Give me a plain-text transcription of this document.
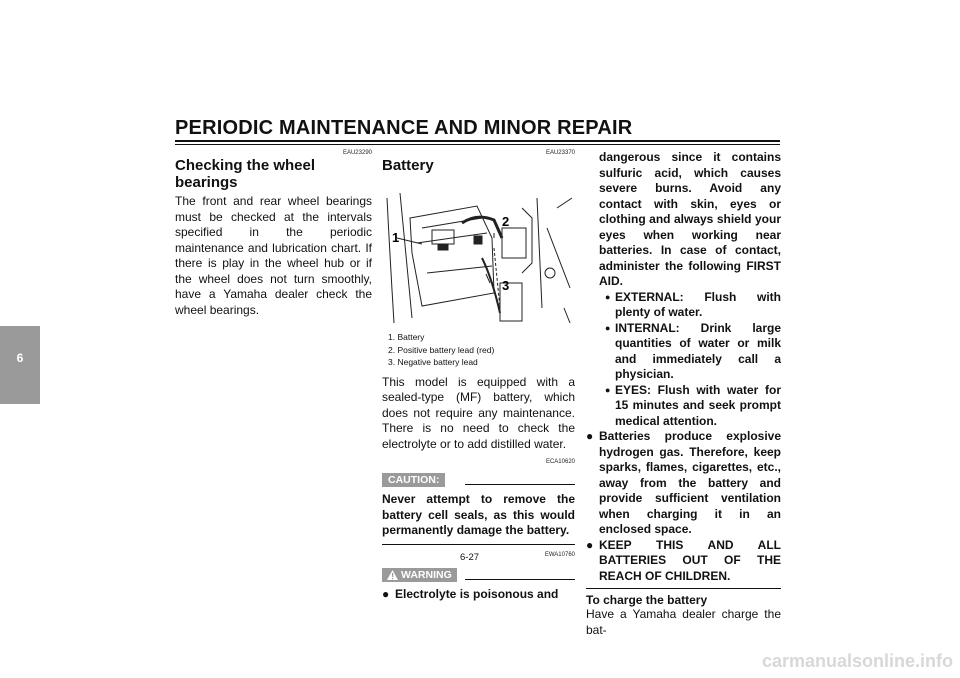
PERIODIC MAINTENANCE AND MINOR REPAIR
6
EAU23290
Checking the wheel bearings

The front and rear wheel bearings must be checked at the intervals specified in the periodic maintenance and lubrication chart. If there is play in the wheel hub or if the wheel does not turn smoothly, have a Yamaha dealer check the wheel bearings.

EAU23370
Battery
1
2
3
1. Battery
2. Positive battery lead (red)
3. Negative battery lead

This model is equipped with a sealed-type (MF) battery, which does not require any maintenance. There is no need to check the electrolyte or to add distilled water.

ECA10620
CAUTION:
Never attempt to remove the battery cell seals, as this would permanently damage the battery.
EWA10760
WARNING
● Electrolyte is poisonous and
dangerous since it contains sulfuric acid, which causes severe burns. Avoid any contact with skin, eyes or clothing and always shield your eyes when working near batteries. In case of contact, administer the following FIRST AID.
● EXTERNAL: Flush with plenty of water.
● INTERNAL: Drink large quantities of water or milk and immediately call a physician.
● EYES: Flush with water for 15 minutes and seek prompt medical attention.
● Batteries produce explosive hydrogen gas. Therefore, keep sparks, flames, cigarettes, etc., away from the battery and provide sufficient ventilation when charging it in an enclosed space.
● KEEP THIS AND ALL BATTERIES OUT OF THE REACH OF CHILDREN.
To charge the battery

Have a Yamaha dealer charge the bat-

6-27
carmanualsonline.info
